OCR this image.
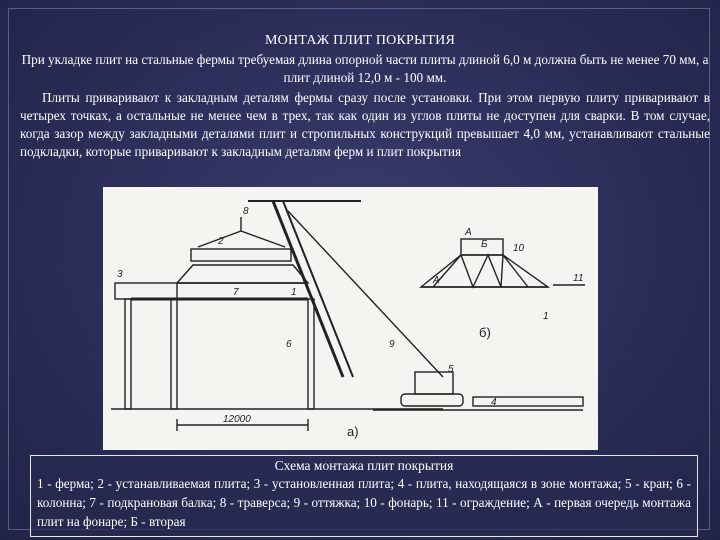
МОНТАЖ ПЛИТ ПОКРЫТИЯ
При укладке плит на стальные фермы требуемая длина опорной части плиты длиной 6,0 м должна быть не менее 70 мм, а плит длиной 12,0 м - 100 мм.
Плиты приваривают к закладным деталям фермы сразу после установки. При этом первую плиту приваривают в четырех точках, а остальные не менее чем в трех, так как один из углов плиты не доступен для сварки. В том случае, когда зазор между закладными деталями плит и стропильных конструкций превышает 4,0 мм, устанавливают стальные подкладки, которые приваривают к закладным деталям ферм и плит покрытия
8
2
3
7	1
6
5
9
4
10
11
1
A
Б
A
12000
а)
б)
Схема монтажа плит покрытия
1 - ферма; 2 - устанавливаемая плита; 3 - установленная плита; 4 - плита, находящаяся в зоне монтажа; 5 - кран; 6 - колонна; 7 - подкрановая балка; 8 - траверса; 9 - оттяжка; 10 - фонарь; 11 - ограждение; А - первая очередь монтажа плит на фонаре; Б - вторая
